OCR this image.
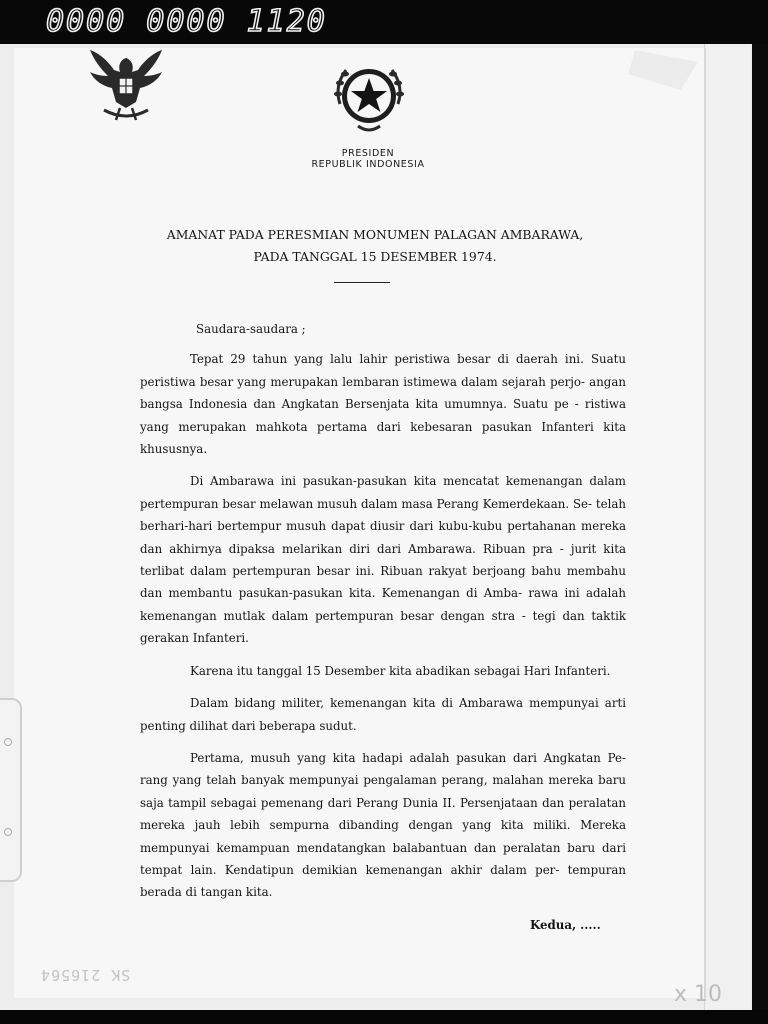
0000 0000 1120
PRESIDEN
REPUBLIK INDONESIA
AMANAT PADA PERESMIAN MONUMEN PALAGAN AMBARAWA,
PADA TANGGAL 15 DESEMBER 1974.
Saudara-saudara ;

Tepat 29 tahun yang lalu lahir peristiwa besar di daerah ini. Suatu peristiwa besar yang merupakan lembaran istimewa dalam sejarah perjo- angan bangsa Indonesia dan Angkatan Bersenjata kita umumnya. Suatu pe - ristiwa yang merupakan mahkota pertama dari kebesaran pasukan Infanteri kita khususnya.

Di Ambarawa ini pasukan-pasukan kita mencatat kemenangan dalam pertempuran besar melawan musuh dalam masa Perang Kemerdekaan. Se- telah berhari-hari bertempur musuh dapat diusir dari kubu-kubu pertahanan mereka dan akhirnya dipaksa melarikan diri dari Ambarawa. Ribuan pra - jurit kita terlibat dalam pertempuran besar ini. Ribuan rakyat berjoang bahu membahu dan membantu pasukan-pasukan kita. Kemenangan di Amba- rawa ini adalah kemenangan mutlak dalam pertempuran besar dengan stra - tegi dan taktik gerakan Infanteri.

Karena itu tanggal 15 Desember kita abadikan sebagai Hari Infanteri.

Dalam bidang militer, kemenangan kita di Ambarawa mempunyai arti penting dilihat dari beberapa sudut.

Pertama, musuh yang kita hadapi adalah pasukan dari Angkatan Pe- rang yang telah banyak mempunyai pengalaman perang, malahan mereka baru saja tampil sebagai pemenang dari Perang Dunia II. Persenjataan dan peralatan mereka jauh lebih sempurna dibanding dengan yang kita miliki. Mereka mempunyai kemampuan mendatangkan balabantuan dan peralatan baru dari tempat lain. Kendatipun demikian kemenangan akhir dalam per- tempuran berada di tangan kita.

Kedua, .....
SK 216564
x 10
